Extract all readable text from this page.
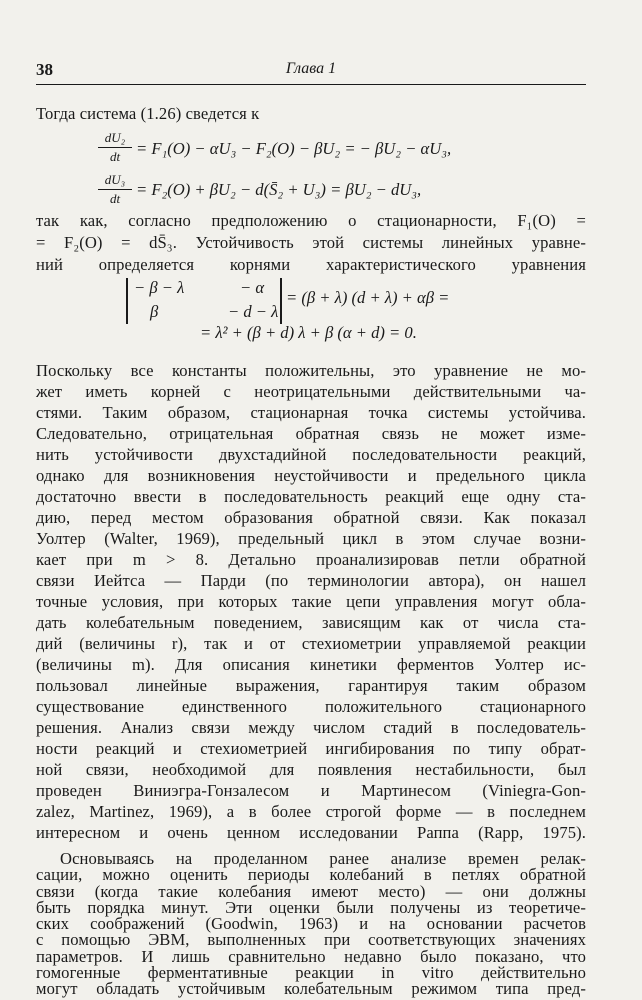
38	Глава 1
Тогда система (1.26) сведется к
dU₂
dt = F₁(O) − αU₃ − F₂(O) − βU₂ = − βU₂ − αU₃,
dU₃
dt = F₂(O) + βU₂ − d(S̄₂ + U₃) = βU₂ − dU₃,
так как, согласно предположению о стационарности, F₁(O) =
= F₂(O) = dS̄₃. Устойчивость этой системы линейных уравне-
ний определяется корнями характеристического уравнения
− β − λ	− α
β	− d − λ
= (β + λ) (d + λ) + αβ =
= λ² + (β + d) λ + β (α + d) = 0.
Поскольку все константы положительны, это уравнение не мо-
жет иметь корней с неотрицательными действительными ча-
стями. Таким образом, стационарная точка системы устойчива.
Следовательно, отрицательная обратная связь не может изме-
нить устойчивости двухстадийной последовательности реакций,
однако для возникновения неустойчивости и предельного цикла
достаточно ввести в последовательность реакций еще одну ста-
дию, перед местом образования обратной связи. Как показал
Уолтер (Walter, 1969), предельный цикл в этом случае возни-
кает при m > 8. Детально проанализировав петли обратной
связи Иейтса — Парди (по терминологии автора), он нашел
точные условия, при которых такие цепи управления могут обла-
дать колебательным поведением, зависящим как от числа ста-
дий (величины r), так и от стехиометрии управляемой реакции
(величины m). Для описания кинетики ферментов Уолтер ис-
пользовал линейные выражения, гарантируя таким образом
существование единственного положительного стационарного
решения. Анализ связи между числом стадий в последователь-
ности реакций и стехиометрией ингибирования по типу обрат-
ной связи, необходимой для появления нестабильности, был
проведен Виниэгра-Гонзалесом и Мартинесом (Viniegra-Gon-
zalez, Martinez, 1969), а в более строгой форме — в последнем
интересном и очень ценном исследовании Раппа (Rapp, 1975).
Основываясь на проделанном ранее анализе времен релак-
сации, можно оценить периоды колебаний в петлях обратной
связи (когда такие колебания имеют место) — они должны
быть порядка минут. Эти оценки были получены из теоретиче-
ских соображений (Goodwin, 1963) и на основании расчетов
с помощью ЭВМ, выполненных при соответствующих значениях
параметров. И лишь сравнительно недавно было показано, что
гомогенные ферментативные реакции in vitro действительно
могут обладать устойчивым колебательным режимом типа пред-
